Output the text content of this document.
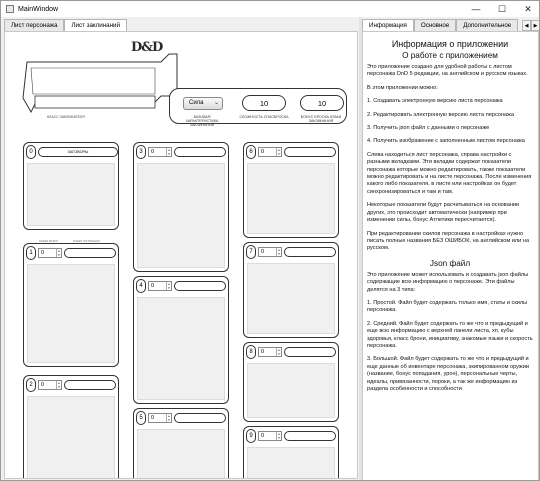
MainWindow	—	☐	✕
Лист персонажа	Лист заклинаний
D&D
КЛАСС ЗАКЛИНАТЕЛЯ
Сила ⌄
БАЗОВАЯ ХАРАКТЕРИСТИКА ЗАКЛИНАНИЙ
10
СЛОЖНОСТЬ СПАСБРОСКА
10
БОНУС БРОСКА АТАКИ ЗАКЛИНАНИЯ
0	ЗАГОВОРЫ
ЯЧЕЕК ВСЕГО	ЯЧЕЕК ПОТРАЧЕНО
1	0	▲
▼
2	0	▲
▼
3	0	▲
▼
4	0	▲
▼
5	0	▲
▼
6	0	▲
▼
7	0	▲
▼
8	0	▲
▼
9	0	▲
▼
Информация	Основное	Дополнительное	◀	▶
Информация о приложении
О работе с приложением

Это приложение создано для удобной работы с листом персонажа DnD 5 редакции, на английском и русском языках.

В этом приложении можно:

1. Создавать электронную версию листа персонажа

2. Редактировать электронную версию листа персонажа

3. Получить json файл с данными о персонаже

4. Получить изображение с заполненным листом персонажа

Слева находиться лист персонажа, справа настройки с разными вкладками. Эти вкладки содержат показатели персонажа которые можно редактировать, также показатели можно редактировать и на листе персонажа. После изменения какого либо показателя, в листе или настройках он будет синхронизироваться и там и там.

Некоторые показатели будут расчитываться на основании других, это происходит автоматически (например при изменении силы, бонус Атлетики пересчитается).

При редактировании скилов персонажа в настройках нужно писать полные названия БЕЗ ОШИБОК, на английском или на русском.

Json файл

Это приложение может использовать и создавать json файлы содержащие всю информацию о персонаже. Эти файлы делятся на 3 типа:

1. Простой. Файл будет содержать только имя, статы и скилы персонажа.

2. Средний. Файл будет содержать то же что и предыдущий и еще всю информацию с верхней панели листа, хп, кубы здоровья, класс брони, инициативу, знакомые языки и скорость персонажа.

3. Большой. Файл будет содержать то же что и предыдущий и еще данные об инвентаре персонажа, экипированном оружии (название, бонус попадания, урон), персональные черты, идеалы, привязанности, пороки, а так же информацию из раздела особенности и способности
